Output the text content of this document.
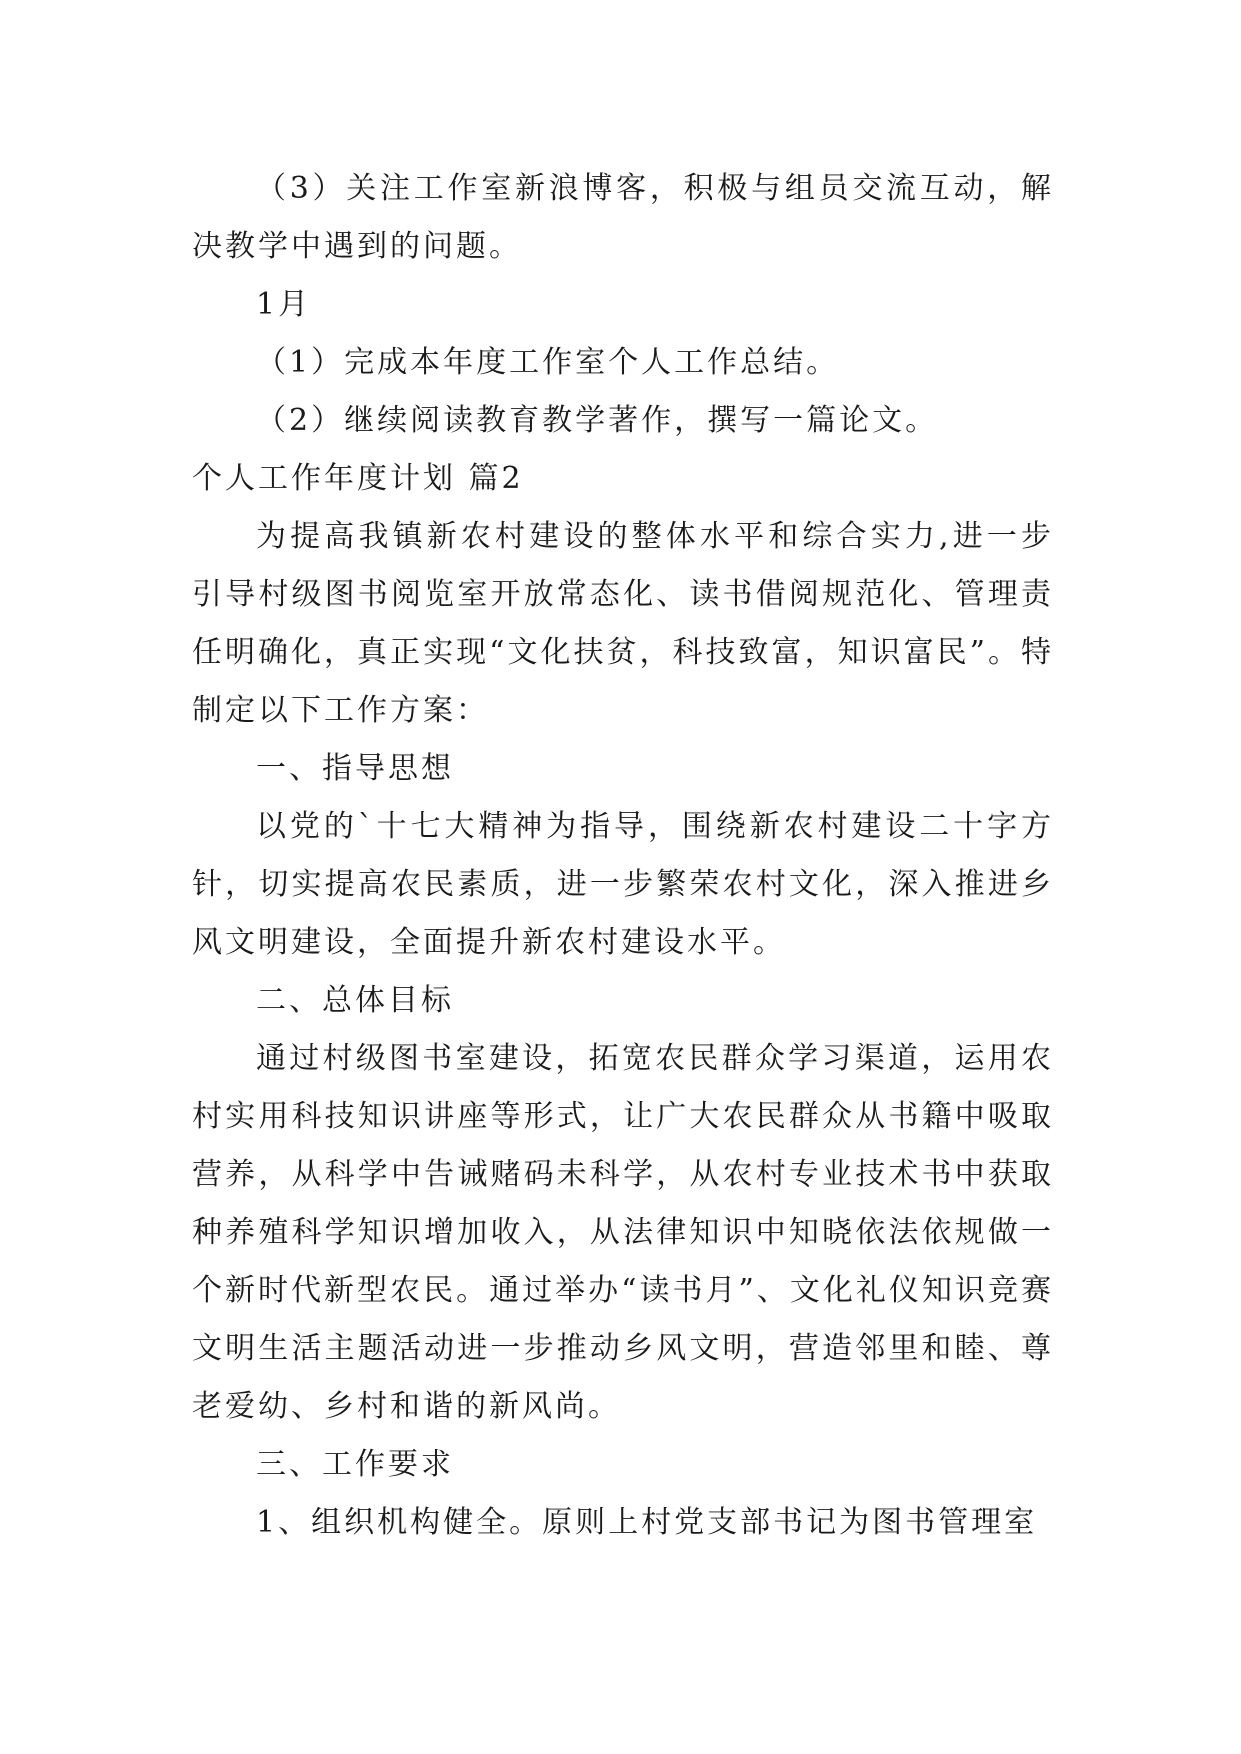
（3）关注工作室新浪博客，积极与组员交流互动，解决教学中遇到的问题。

1月

（1）完成本年度工作室个人工作总结。

（2）继续阅读教育教学著作，撰写一篇论文。

个人工作年度计划 篇2

为提高我镇新农村建设的整体水平和综合实力,进一步引导村级图书阅览室开放常态化、读书借阅规范化、管理责任明确化，真正实现“文化扶贫，科技致富，知识富民”。特制定以下工作方案：

一、指导思想

以党的`十七大精神为指导，围绕新农村建设二十字方针，切实提高农民素质，进一步繁荣农村文化，深入推进乡风文明建设，全面提升新农村建设水平。

二、总体目标

通过村级图书室建设，拓宽农民群众学习渠道，运用农村实用科技知识讲座等形式，让广大农民群众从书籍中吸取营养，从科学中告诫赌码未科学，从农村专业技术书中获取种养殖科学知识增加收入，从法律知识中知晓依法依规做一个新时代新型农民。通过举办“读书月”、文化礼仪知识竞赛文明生活主题活动进一步推动乡风文明，营造邻里和睦、尊老爱幼、乡村和谐的新风尚。

三、工作要求

1、组织机构健全。原则上村党支部书记为图书管理室
